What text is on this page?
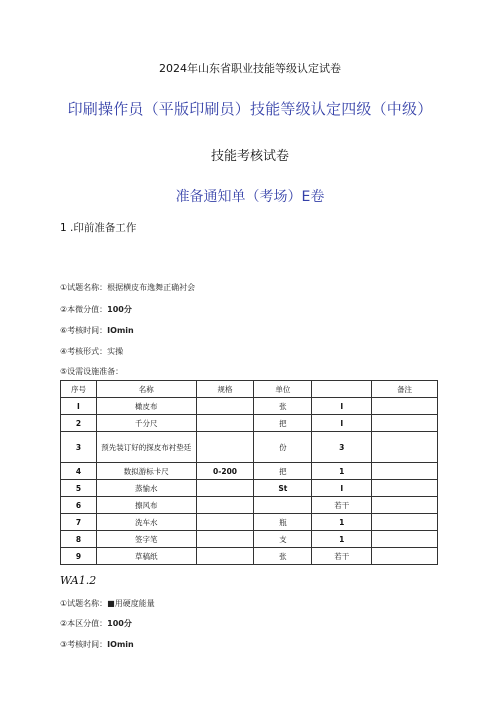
2024年山东省职业技能等级认定试卷
印刷操作员（平版印刷员）技能等级认定四级（中级）
技能考核试卷
准备通知单（考场）E卷
1 .印前准备工作
①试题名称：根据横皮布逸舞正确衬会
②本微分值：100分
⑥考核时间：IOmin
④考核形式：实操
⑤设需设施准备：
序号	名称	规格	单位		备注
I	橄皮布		张	I	
2	千分尺		把	I	
3	预先装订好的探皮布衬垫廷		份	3	
4	数拟游标卡尺	0-200	把	1	
5	蒸愉水		St	I	
6	擦风布			若干	
7	洗车水		瓶	1	
8	签字笔		支	1	
9	草稿纸		张	若干	
WA1.2
①试题名称：■用硬度能量
②本区分值：100分
③考核时间：IOmin
